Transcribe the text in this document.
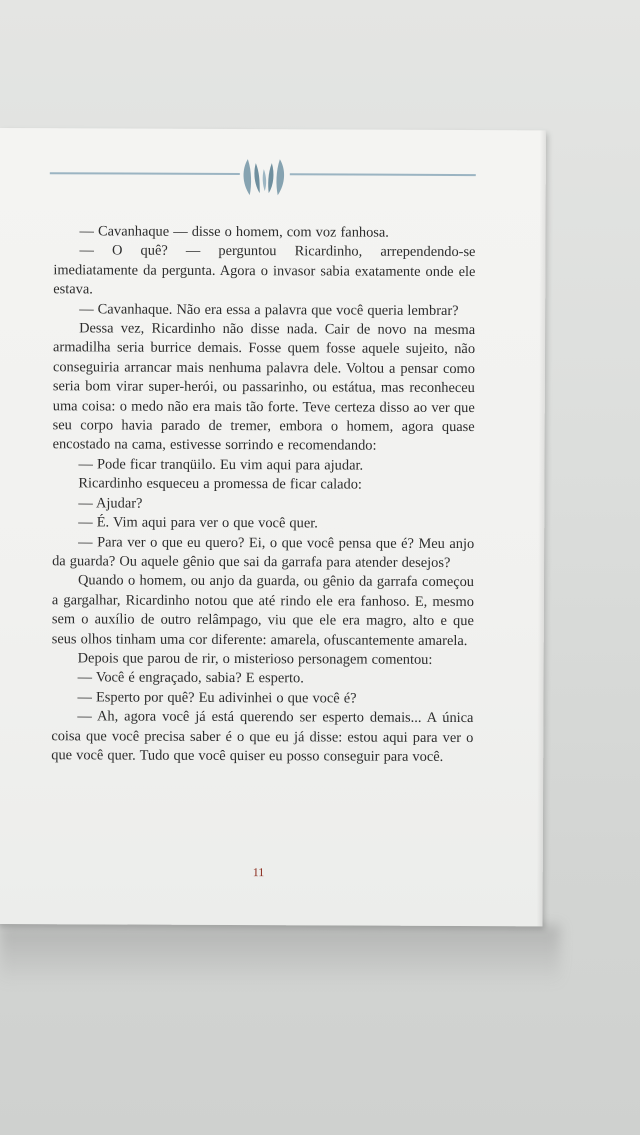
— Cavanhaque — disse o homem, com voz fanhosa.

— O quê? — perguntou Ricardinho, arrependendo-se imediatamente da pergunta. Agora o invasor sabia exatamente onde ele estava.

— Cavanhaque. Não era essa a palavra que você queria lembrar?

Dessa vez, Ricardinho não disse nada. Cair de novo na mesma armadilha seria burrice demais. Fosse quem fosse aquele sujeito, não conseguiria arrancar mais nenhuma palavra dele. Voltou a pensar como seria bom virar super-herói, ou passarinho, ou estátua, mas reconheceu uma coisa: o medo não era mais tão forte. Teve certeza disso ao ver que seu corpo havia parado de tremer, embora o homem, agora quase encostado na cama, estivesse sorrindo e recomendando:

— Pode ficar tranqüilo. Eu vim aqui para ajudar.

Ricardinho esqueceu a promessa de ficar calado:

— Ajudar?

— É. Vim aqui para ver o que você quer.

— Para ver o que eu quero? Ei, o que você pensa que é? Meu anjo da guarda? Ou aquele gênio que sai da garrafa para atender desejos?

Quando o homem, ou anjo da guarda, ou gênio da garrafa começou a gargalhar, Ricardinho notou que até rindo ele era fanhoso. E, mesmo sem o auxílio de outro relâmpago, viu que ele era magro, alto e que seus olhos tinham uma cor diferente: amarela, ofuscantemente amarela.

Depois que parou de rir, o misterioso personagem comentou:

— Você é engraçado, sabia? E esperto.

— Esperto por quê? Eu adivinhei o que você é?

— Ah, agora você já está querendo ser esperto demais... A única coisa que você precisa saber é o que eu já disse: estou aqui para ver o que você quer. Tudo que você quiser eu posso conseguir para você.

11
